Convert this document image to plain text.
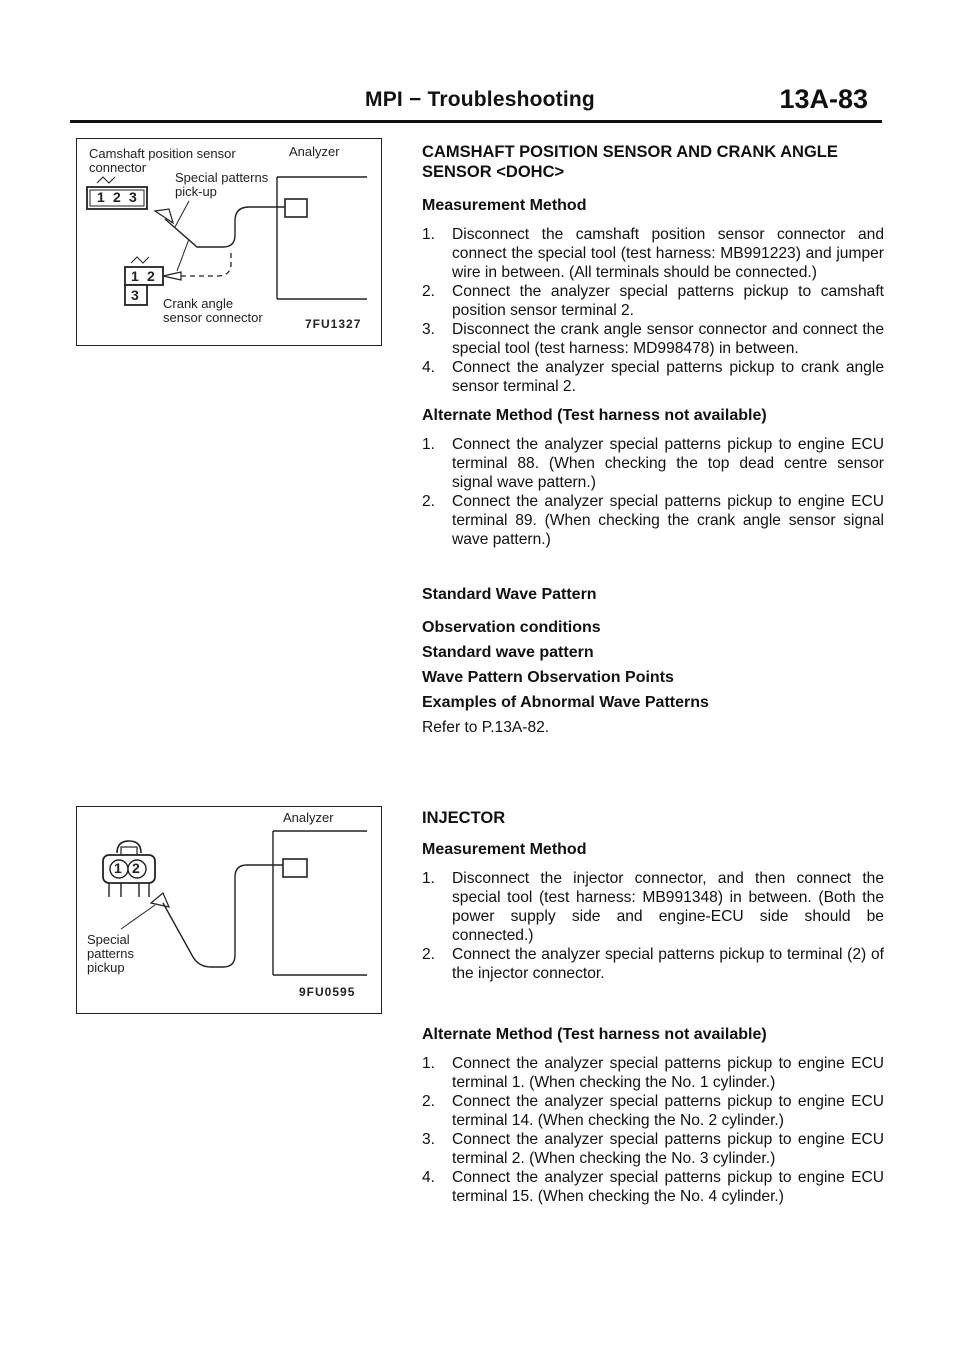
MPI − Troubleshooting	13A-83
Camshaft position sensor
connector
Analyzer
Special patterns
pick-up
1 2 3
1 2
3
Crank angle
sensor connector	7FU1327
Analyzer
1 2
Special
patterns
pickup
9FU0595

CAMSHAFT POSITION SENSOR AND CRANK ANGLE

SENSOR <DOHC>

Measurement Method

1. Disconnect the camshaft position sensor connector and connect the special tool (test harness: MB991223) and jumper wire in between. (All terminals should be connected.)
2. Connect the analyzer special patterns pickup to camshaft position sensor terminal 2.
3. Disconnect the crank angle sensor connector and connect the special tool (test harness: MD998478) in between.
4. Connect the analyzer special patterns pickup to crank angle sensor terminal 2.

Alternate Method (Test harness not available)

1. Connect the analyzer special patterns pickup to engine ECU terminal 88. (When checking the top dead centre sensor signal wave pattern.)
2. Connect the analyzer special patterns pickup to engine ECU terminal 89. (When checking the crank angle sensor signal wave pattern.)

Standard Wave Pattern

Observation conditions

Standard wave pattern

Wave Pattern Observation Points

Examples of Abnormal Wave Patterns

Refer to P.13A-82.

INJECTOR

Measurement Method

1. Disconnect the injector connector, and then connect the special tool (test harness: MB991348) in between. (Both the power supply side and engine-ECU side should be connected.)
2. Connect the analyzer special patterns pickup to terminal (2) of the injector connector.

Alternate Method (Test harness not available)

1. Connect the analyzer special patterns pickup to engine ECU terminal 1. (When checking the No. 1 cylinder.)
2. Connect the analyzer special patterns pickup to engine ECU terminal 14. (When checking the No. 2 cylinder.)
3. Connect the analyzer special patterns pickup to engine ECU terminal 2. (When checking the No. 3 cylinder.)
4. Connect the analyzer special patterns pickup to engine ECU terminal 15. (When checking the No. 4 cylinder.)
